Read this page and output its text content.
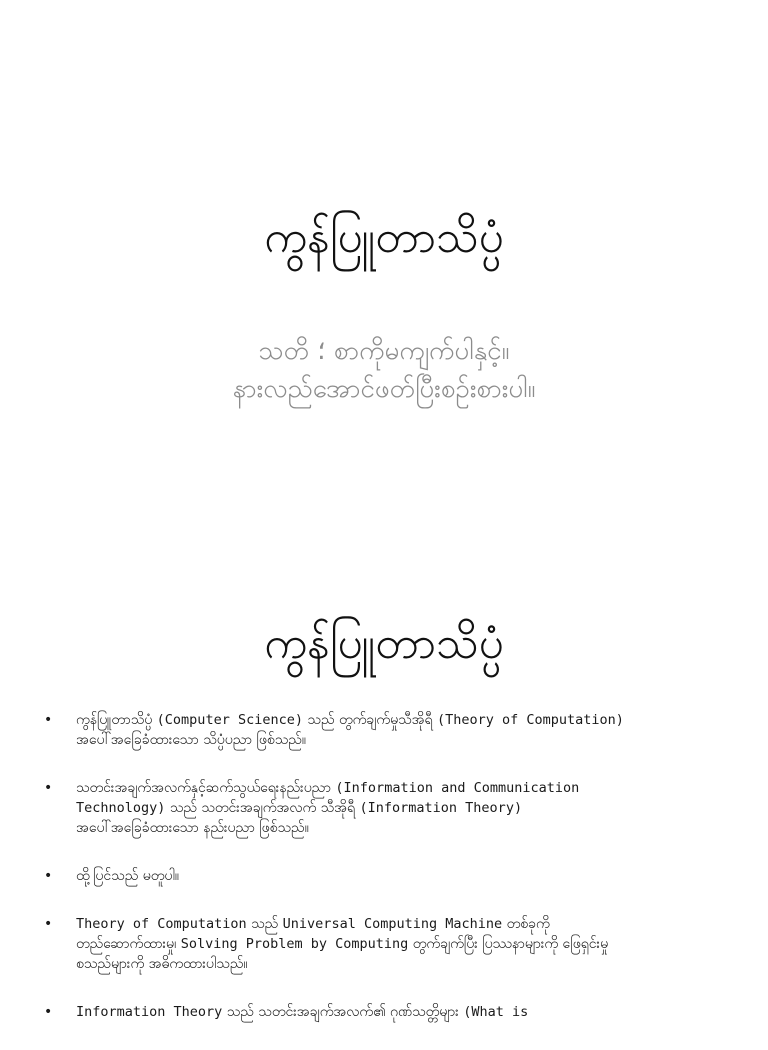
ကွန်ပြူတာသိပ္ပံ
သတိ ؛ စာကိုမကျက်ပါနှင့်။
နားလည်အောင်ဖတ်ပြီးစဉ်းစားပါ။
ကွန်ပြူတာသိပ္ပံ
• ကွန်ပြူတာသိပ္ပံ (Computer Science) သည် တွက်ချက်မှုသီအိုရီ (Theory of Computation)
အပေါ်အခြေခံထားသော သိပ္ပံပညာ ဖြစ်သည်။
• သတင်းအချက်အလက်နှင့်ဆက်သွယ်ရေးနည်းပညာ (Information and Communication
Technology) သည် သတင်းအချက်အလက် သီအိုရီ (Information Theory)
အပေါ်အခြေခံထားသော နည်းပညာ ဖြစ်သည်။
• ထို့ပြင်သည် မတူပါ။
• Theory of Computation သည် Universal Computing Machine တစ်ခုကို
တည်ဆောက်ထားမှု၊ Solving Problem by Computing တွက်ချက်ပြီး ပြဿနာများကို ဖြေရှင်းမှု
စသည်များကို အဓိကထားပါသည်။
• Information Theory သည် သတင်းအချက်အလက်၏ ဂုဏ်သတ္တိများ (What is
